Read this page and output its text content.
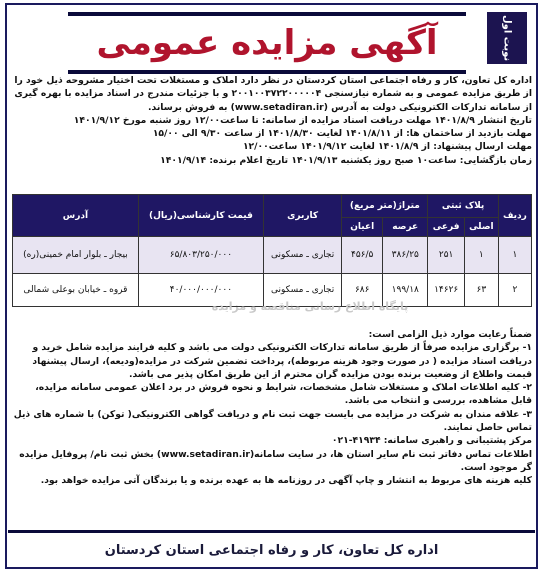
آگهی مزایده عمومی	نوبت اول

اداره کل تعاون، کار و رفاه اجتماعی استان کردستان در نظر دارد املاک و مستغلات تحت اختیار مشروحه ذیل خود را از طریق مزایده عمومی و به شماره نیازسنجی ۲۰۰۱۰۰۳۷۲۲۰۰۰۰۰۴ و با جزئیات مندرج در اسناد مزایده با بهره گیری از سامانه تدارکات الکترونیکی دولت به آدرس (www.setadiran.ir) به فروش برساند.

تاریخ انتشار ۱۴۰۱/۸/۹ مهلت دریافت اسناد مزایده از سامانه: تا ساعت۱۲/۰۰ روز شنبه مورخ ۱۴۰۱/۹/۱۲

مهلت بازدید از ساختمان ها: از ۱۴۰۱/۸/۱۱ لغایت ۱۴۰۱/۸/۳۰ از ساعت ۹/۳۰ الی ۱۵/۰۰

مهلت ارسال پیشنهاد: از ۱۴۰۱/۸/۹ لغایت ۱۴۰۱/۹/۱۲ ساعت۱۲/۰۰

زمان بازگشایی: ساعت۱۰ صبح روز یکشنبه ۱۴۰۱/۹/۱۳ تاریخ اعلام برنده: ۱۴۰۱/۹/۱۴

ردیف	پلاک ثبتی		متراژ(متر مربع)		کاربری	قیمت کارشناسی(ریال)	آدرس
	اصلی	فرعی	عرصه	اعیان			
۱	۱	۲۵۱	۳۸۶/۲۵	۴۵۶/۵	تجاری ـ مسکونی	۶۵/۸۰۳/۲۵۰/۰۰۰	بیجار ـ بلوار امام خمینی(ره)
۲	۶۳	۱۴۶۲۶	۱۹۹/۱۸	۶۸۶	تجاری ـ مسکونی	۴۰/۰۰۰/۰۰۰/۰۰۰	قروه ـ خیابان بوعلی شمالی
پایگاه اطلاع رسانی مناقصه و مزایده

ضمناً رعایت موارد ذیل الزامی است:

۱- برگزاری مزایده صرفاً از طریق سامانه تدارکات الکترونیکی دولت می باشد و کلیه فرایند مزایده شامل خرید و دریافت اسناد مزایده ( در صورت وجود هزینه مربوطه)، پرداخت تضمین شرکت در مزایده(ودیعه)، ارسال پیشنهاد قیمت واطلاع از وضعیت برنده بودن مزایده گران محترم از این طریق امکان پذیر می باشد.

۲- کلیه اطلاعات املاک و مستغلات شامل مشخصات، شرایط و نحوه فروش در برد اعلان عمومی سامانه مزایده، قابل مشاهده، بررسی و انتخاب می باشد.

۳- علاقه مندان به شرکت در مزایده می بایست جهت ثبت نام و دریافت گواهی الکترونیکی( توکن) با شماره های ذیل تماس حاصل نمایند.

مرکز پشتیبانی و راهبری سامانه: ۴۱۹۳۴-۰۲۱

اطلاعات تماس دفاتر ثبت نام سایر استان ها، در سایت سامانه(www.setadiran.ir) بخش ثبت نام/ پروفایل مزایده گر موجود است.

کلیه هزینه های مربوط به انتشار و چاپ آگهی در روزنامه ها به عهده برنده و یا برندگان آتی مزایده خواهد بود.

اداره کل تعاون، کار و رفاه اجتماعی استان کردستان
